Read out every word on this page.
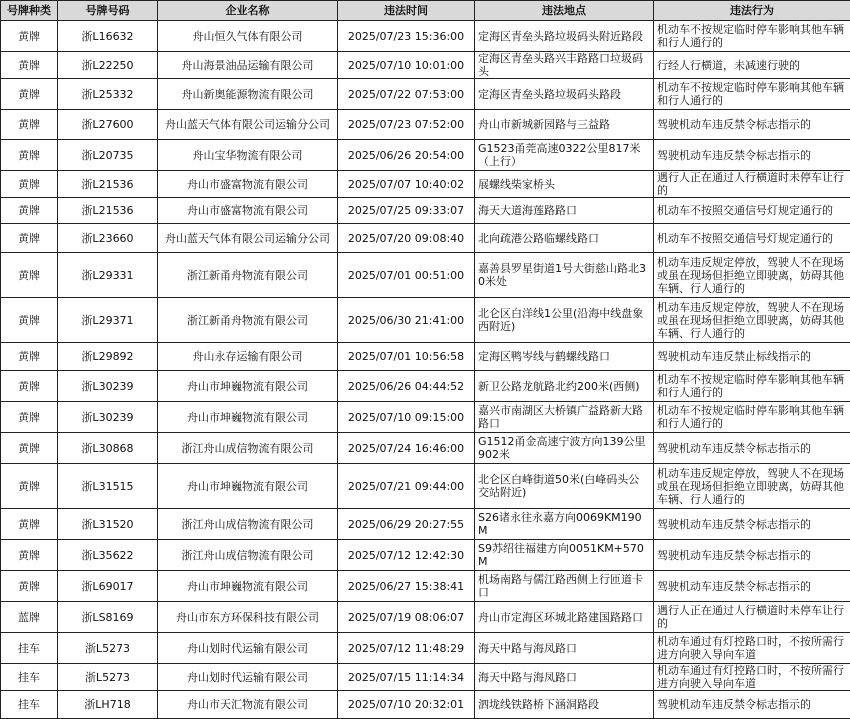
号牌种类	号牌号码	企业名称	违法时间	违法地点	违法行为
黄牌	浙L16632	舟山恒久气体有限公司	2025/07/23 15:36:00	定海区青垒头路垃圾码头附近路段	机动车不按规定临时停车影响其他车辆和行人通行的
黄牌	浙L22250	舟山海景油品运输有限公司	2025/07/10 10:01:00	定海区青垒头路兴丰路路口垃圾码头	行经人行横道，未减速行驶的
黄牌	浙L25332	舟山新奥能源物流有限公司	2025/07/22 07:53:00	定海区青垒头路垃圾码头路段	机动车不按规定临时停车影响其他车辆和行人通行的
黄牌	浙L27600	舟山蓝天气体有限公司运输分公司	2025/07/23 07:52:00	舟山市新城新园路与三益路	驾驶机动车违反禁令标志指示的
黄牌	浙L20735	舟山宝华物流有限公司	2025/06/26 20:54:00	G1523甬莞高速0322公里817米（上行）	驾驶机动车违反禁令标志指示的
黄牌	浙L21536	舟山市盛富物流有限公司	2025/07/07 10:40:02	展螺线柴家桥头	遇行人正在通过人行横道时未停车让行的
黄牌	浙L21536	舟山市盛富物流有限公司	2025/07/25 09:33:07	海天大道海莲路路口	机动车不按照交通信号灯规定通行的
黄牌	浙L23660	舟山蓝天气体有限公司运输分公司	2025/07/20 09:08:40	北向疏港公路临螺线路口	机动车不按照交通信号灯规定通行的
黄牌	浙L29331	浙江新甬舟物流有限公司	2025/07/01 00:51:00	嘉善县罗星街道1号大街慈山路北30米处	机动车违反规定停放，驾驶人不在现场或虽在现场但拒绝立即驶离，妨碍其他车辆、行人通行的
黄牌	浙L29371	浙江新甬舟物流有限公司	2025/06/30 21:41:00	北仑区白洋线1公里(沿海中线盘象西附近)	机动车违反规定停放，驾驶人不在现场或虽在现场但拒绝立即驶离，妨碍其他车辆、行人通行的
黄牌	浙L29892	舟山永存运输有限公司	2025/07/01 10:56:58	定海区鸭岑线与鹤螺线路口	驾驶机动车违反禁止标线指示的
黄牌	浙L30239	舟山市坤巍物流有限公司	2025/06/26 04:44:52	新卫公路龙航路北约200米(西侧)	机动车不按规定临时停车影响其他车辆和行人通行的
黄牌	浙L30239	舟山市坤巍物流有限公司	2025/07/10 09:15:00	嘉兴市南湖区大桥镇广益路新大路路口	机动车不按规定临时停车影响其他车辆和行人通行的
黄牌	浙L30868	浙江舟山成信物流有限公司	2025/07/24 16:46:00	G1512甬金高速宁波方向139公里902米	驾驶机动车违反禁令标志指示的
黄牌	浙L31515	舟山市坤巍物流有限公司	2025/07/21 09:44:00	北仑区白峰街道50米(白峰码头公交站附近)	机动车违反规定停放，驾驶人不在现场或虽在现场但拒绝立即驶离，妨碍其他车辆、行人通行的
黄牌	浙L31520	浙江舟山成信物流有限公司	2025/06/29 20:27:55	S26诸永往永嘉方向0069KM190M	驾驶机动车违反禁令标志指示的
黄牌	浙L35622	浙江舟山成信物流有限公司	2025/07/12 12:42:30	S9苏绍往福建方向0051KM+570M	驾驶机动车违反禁令标志指示的
黄牌	浙L69017	舟山市坤巍物流有限公司	2025/06/27 15:38:41	机场南路与儒江路西侧上行匝道卡口	驾驶机动车违反禁令标志指示的
蓝牌	浙LS8169	舟山市东方环保科技有限公司	2025/07/19 08:06:07	舟山市定海区环城北路建国路路口	遇行人正在通过人行横道时未停车让行的
挂车	浙L5273	舟山划时代运输有限公司	2025/07/12 11:48:29	海天中路与海凤路口	机动车通过有灯控路口时，不按所需行进方向驶入导向车道
挂车	浙L5273	舟山划时代运输有限公司	2025/07/15 11:14:34	海天中路与海凤路口	机动车通过有灯控路口时，不按所需行进方向驶入导向车道
挂车	浙LH718	舟山市天汇物流有限公司	2025/07/10 20:32:01	泗垅线铁路桥下涵洞路段	驾驶机动车违反禁令标志指示的
